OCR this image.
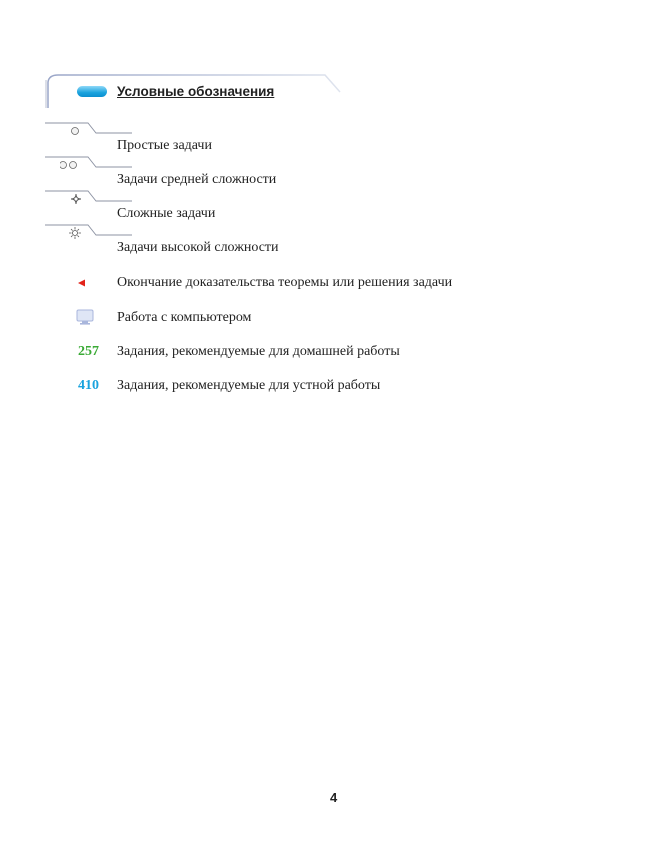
Условные обозначения
Простые задачи
Задачи средней сложности
Сложные задачи
Задачи высокой сложности
Окончание доказательства теоремы или решения задачи
Работа с компьютером
257 Задания, рекомендуемые для домашней работы
410 Задания, рекомендуемые для устной работы
4
